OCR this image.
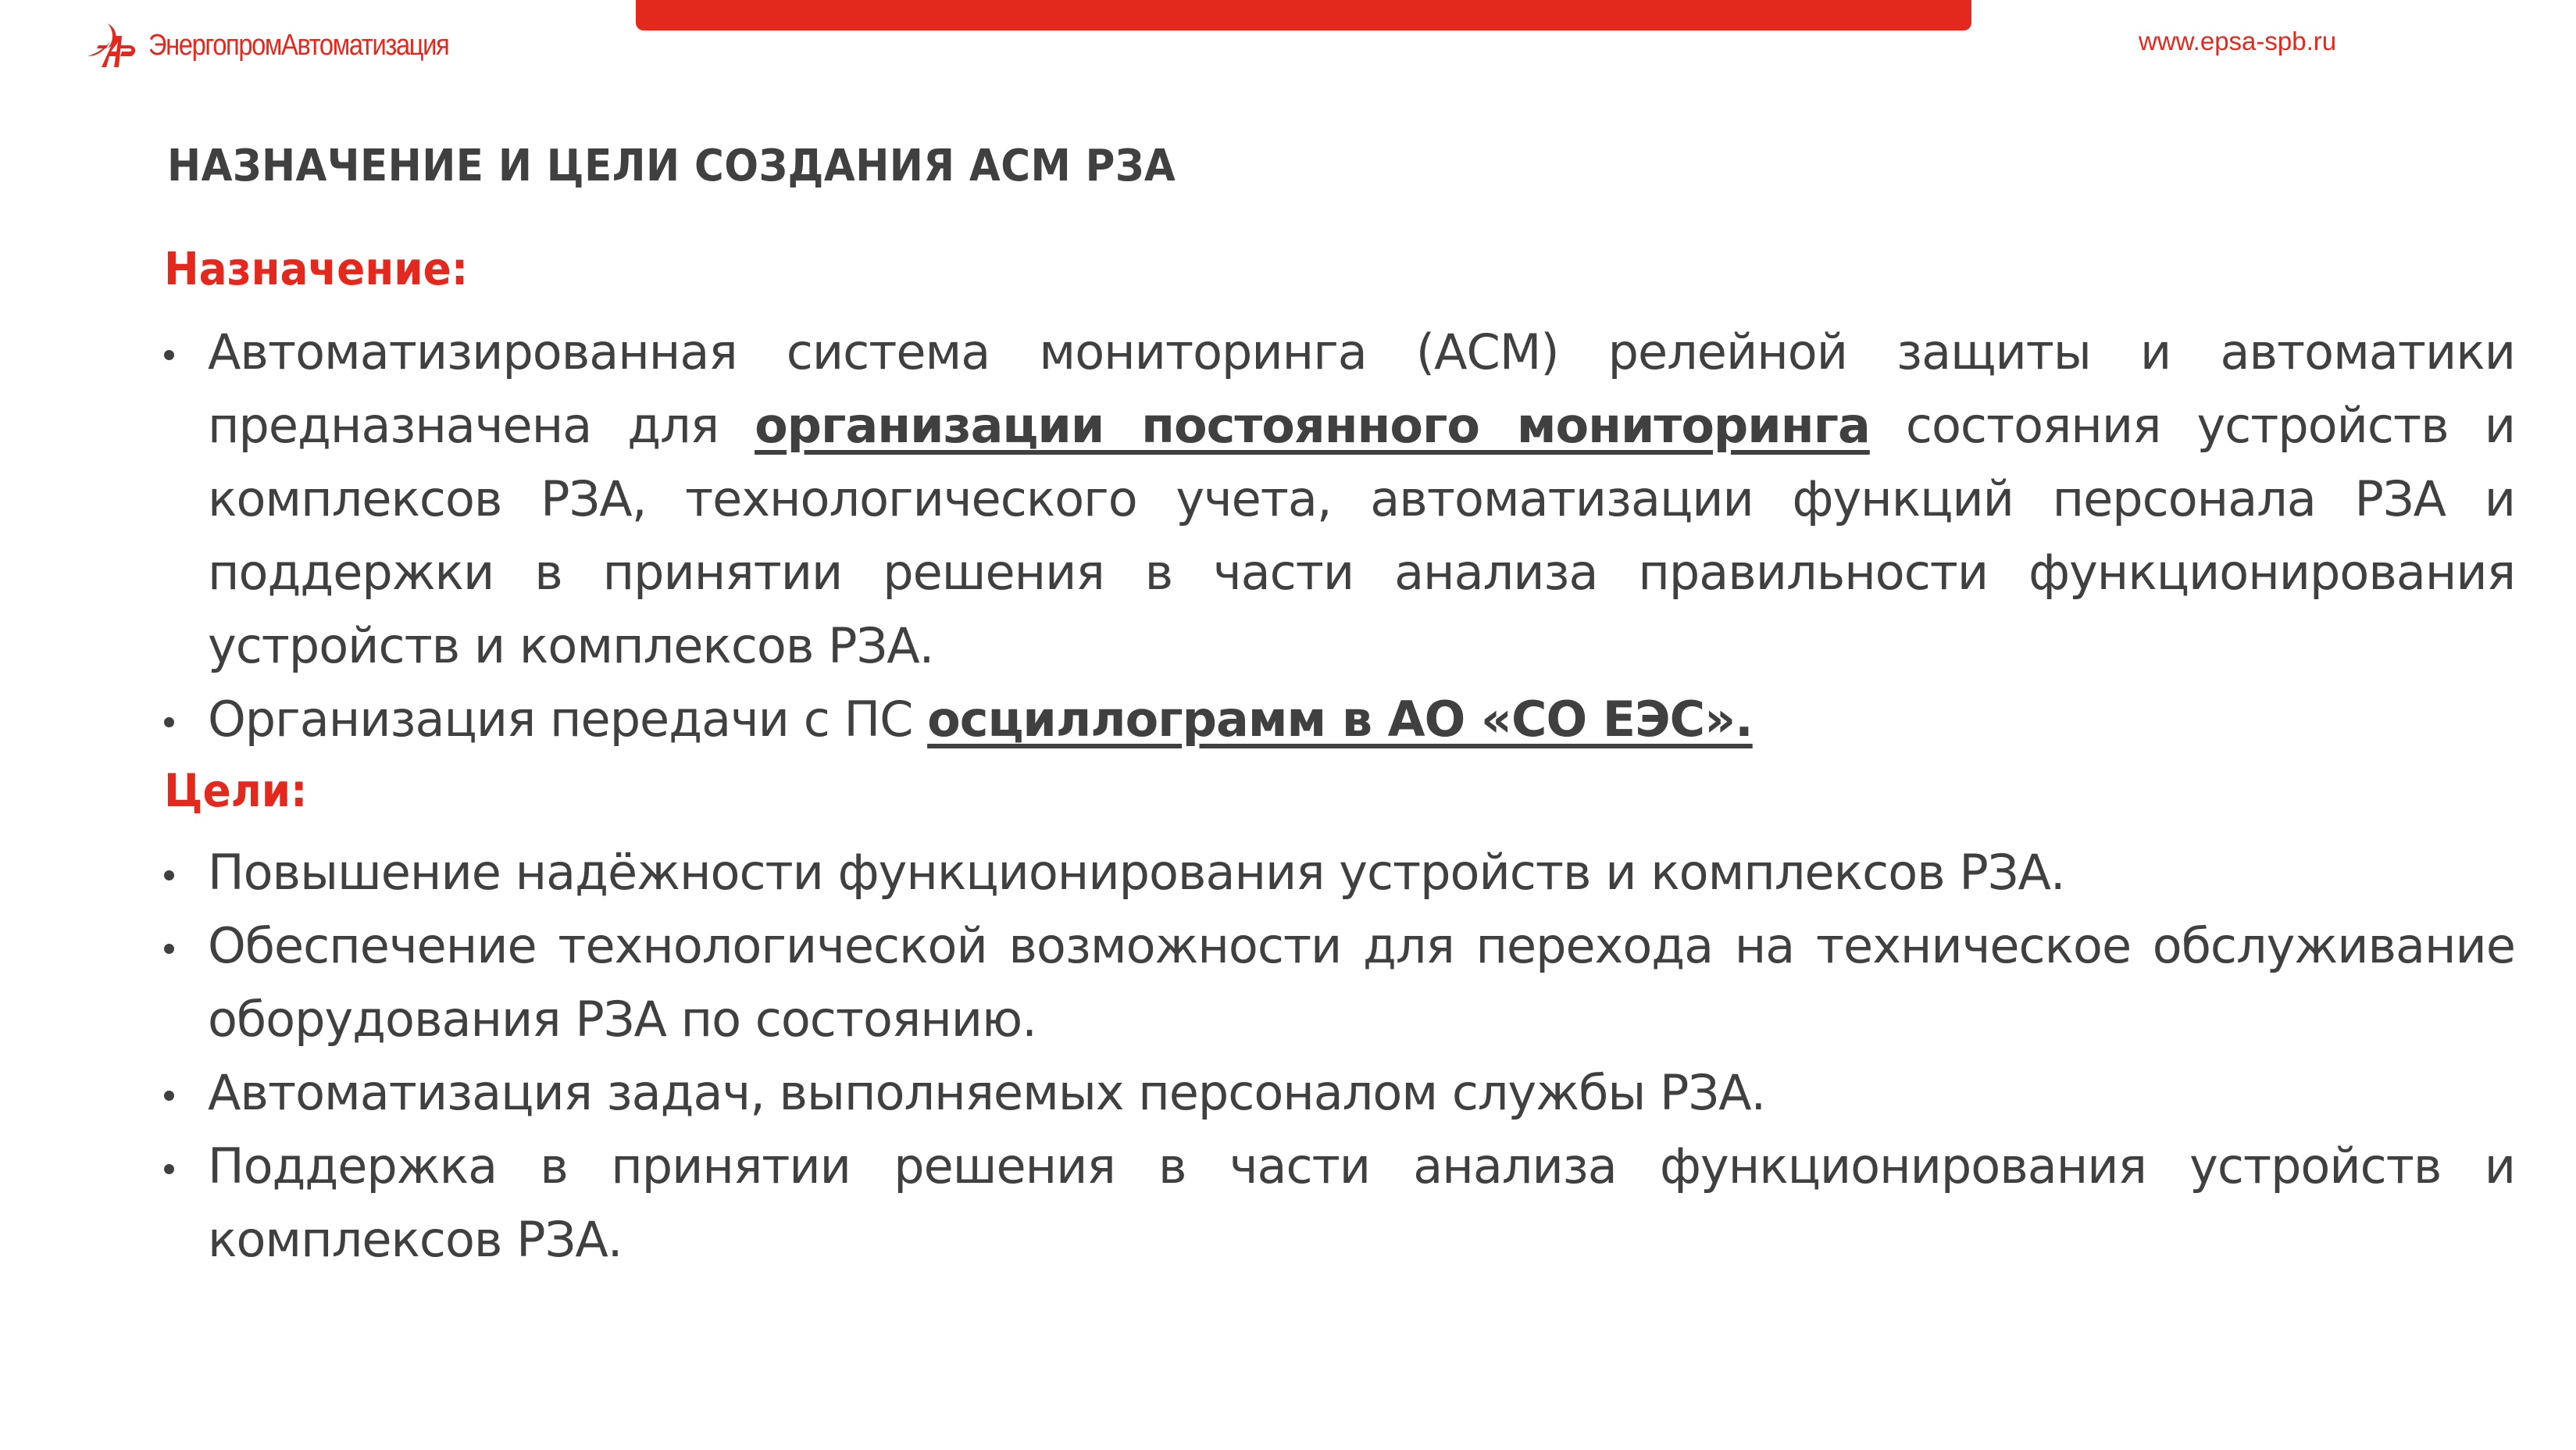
ЭнергопромАвтоматизация	www.epsa-spb.ru
НАЗНАЧЕНИЕ И ЦЕЛИ СОЗДАНИЯ АСМ РЗА
Назначение:
Автоматизированная система мониторинга (АСМ) релейной защиты и автоматики предназначена для организации постоянного мониторинга состояния устройств и комплексов РЗА, технологического учета, автоматизации функций персонала РЗА и поддержки в принятии решения в части анализа правильности функционирования устройств и комплексов РЗА.
Организация передачи с ПС осциллограмм в АО «СО ЕЭС».
Цели:
Повышение надёжности функционирования устройств и комплексов РЗА.
Обеспечение технологической возможности для перехода на техническое обслуживание оборудования РЗА по состоянию.
Автоматизация задач, выполняемых персоналом службы РЗА.
Поддержка в принятии решения в части анализа функционирования устройств и комплексов РЗА.
